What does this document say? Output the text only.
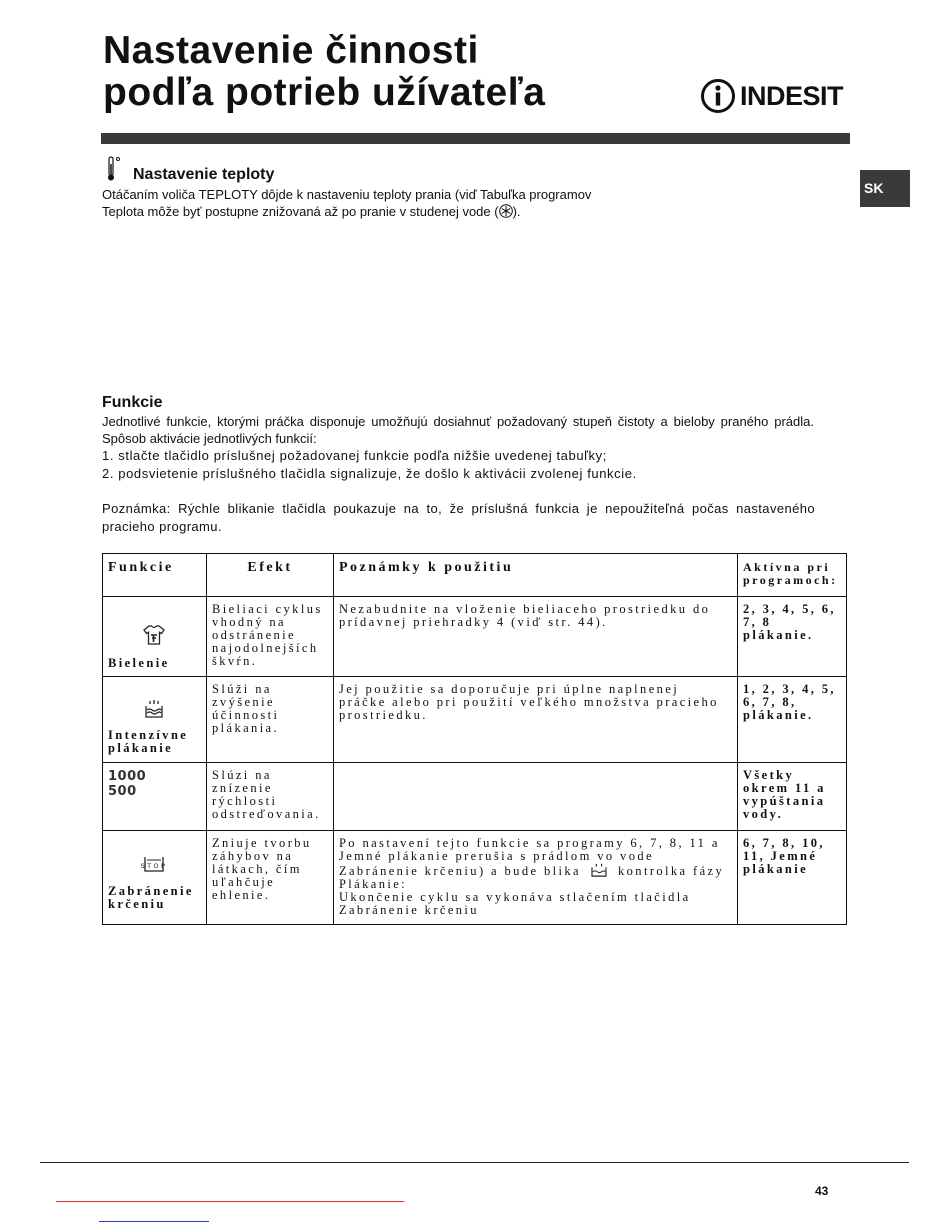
Nastavenie činnosti
podľa potrieb užívateľa	INDESIT
SK
Nastavenie teploty
Otáčaním voliča TEPLOTY dôjde k nastaveniu teploty prania (viď Tabuľka programov
Teplota môže byť postupne znižovaná až po pranie v studenej vode ( ).
Funkcie
Jednotlivé funkcie, ktorými práčka disponuje umožňujú dosiahnuť požadovaný stupeň čistoty a bieloby praného prádla. Spôsob aktivácie jednotlivých funkcií:
1. stlačte tlačidlo príslušnej požadovanej funkcie podľa nižšie uvedenej tabuľky;
2. podsvietenie príslušného tlačidla signalizuje, že došlo k aktivácii zvolenej funkcie.
Poznámka: Rýchle blikanie tlačidla poukazuje na to, že príslušná funkcia je nepoužiteľná počas nastaveného pracieho programu.
Funkcie	Efekt	Poznámky k použitiu	Aktívna pri programoch:

Bielenie	Bieliaci cyklus vhodný na odstránenie najodolnejších škvŕn.	Nezabudnite na vloženie bieliaceho prostriedku do prídavnej priehradky 4 (viď str. 44).	2, 3, 4, 5, 6, 7, 8 plákanie.

Intenzívne plákanie	Slúži na zvýšenie účinnosti plákania.	Jej použitie sa doporučuje pri úplne naplnenej práčke alebo pri použití veľkého množstva pracieho prostriedku.	1, 2, 3, 4, 5, 6, 7, 8, plákanie.

1000
500	Slúzi na znízenie rýchlosti odstreďovania.		Všetky okrem 11 a vypúštania vody.

STOP
Zabránenie krčeniu	Zniuje tvorbu záhybov na látkach, čím uľahčuje ehlenie.	Po nastavení tejto funkcie sa programy 6, 7, 8, 11 a Jemné plákanie prerušia s prádlom vo vode Zabránenie krčeniu) a bude blika kontrolka fázy Plákanie:
Ukončenie cyklu sa vykonáva stlačením tlačidla Zabránenie krčeniu	6, 7, 8, 10, 11, Jemné plákanie
43
